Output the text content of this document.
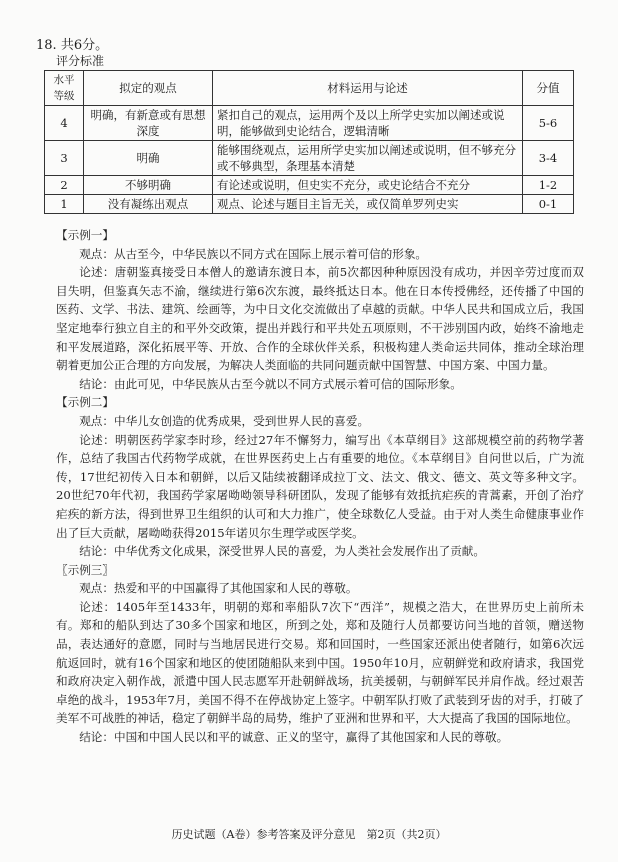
18. 共6分。
评分标准
水平等级	拟定的观点	材料运用与论述	分值
4	明确，有新意或有思想深度	紧扣自己的观点，运用两个及以上所学史实加以阐述或说明，能够做到史论结合，逻辑清晰	5-6
3	明确	能够围绕观点，运用所学史实加以阐述或说明，但不够充分或不够典型，条理基本清楚	3-4
2	不够明确	有论述或说明，但史实不充分，或史论结合不充分	1-2
1	没有凝练出观点	观点、论述与题目主旨无关，或仅简单罗列史实	0-1

【示例一】

观点：从古至今，中华民族以不同方式在国际上展示着可信的形象。

论述：唐朝鉴真接受日本僧人的邀请东渡日本，前5次都因种种原因没有成功，并因辛劳过度而双目失明，但鉴真矢志不渝，继续进行第6次东渡，最终抵达日本。他在日本传授佛经，还传播了中国的医药、文学、书法、建筑、绘画等，为中日文化交流做出了卓越的贡献。中华人民共和国成立后，我国坚定地奉行独立自主的和平外交政策，提出并践行和平共处五项原则，不干涉别国内政，始终不渝地走和平发展道路，深化拓展平等、开放、合作的全球伙伴关系，积极构建人类命运共同体，推动全球治理朝着更加公正合理的方向发展，为解决人类面临的共同问题贡献中国智慧、中国方案、中国力量。

结论：由此可见，中华民族从古至今就以不同方式展示着可信的国际形象。

【示例二】

观点：中华儿女创造的优秀成果，受到世界人民的喜爱。

论述：明朝医药学家李时珍，经过27年不懈努力，编写出《本草纲目》这部规模空前的药物学著作，总结了我国古代药物学成就，在世界医药史上占有重要的地位。《本草纲目》自问世以后，广为流传，17世纪初传入日本和朝鲜，以后又陆续被翻译成拉丁文、法文、俄文、德文、英文等多种文字。20世纪70年代初，我国药学家屠呦呦领导科研团队，发现了能够有效抵抗疟疾的青蒿素，开创了治疗疟疾的新方法，得到世界卫生组织的认可和大力推广，使全球数亿人受益。由于对人类生命健康事业作出了巨大贡献，屠呦呦获得2015年诺贝尔生理学或医学奖。

结论：中华优秀文化成果，深受世界人民的喜爱，为人类社会发展作出了贡献。

〖示例三〗

观点：热爱和平的中国赢得了其他国家和人民的尊敬。

论述：1405年至1433年，明朝的郑和率船队7次下“西洋”，规模之浩大，在世界历史上前所未有。郑和的船队到达了30多个国家和地区，所到之处，郑和及随行人员都要访问当地的首领，赠送物品，表达通好的意愿，同时与当地居民进行交易。郑和回国时，一些国家还派出使者随行，如第6次远航返回时，就有16个国家和地区的使团随船队来到中国。1950年10月，应朝鲜党和政府请求，我国党和政府决定入朝作战，派遣中国人民志愿军开赴朝鲜战场，抗美援朝，与朝鲜军民并肩作战。经过艰苦卓绝的战斗，1953年7月，美国不得不在停战协定上签字。中朝军队打败了武装到牙齿的对手，打破了美军不可战胜的神话，稳定了朝鲜半岛的局势，维护了亚洲和世界和平，大大提高了我国的国际地位。

结论：中国和中国人民以和平的诚意、正义的坚守，赢得了其他国家和人民的尊敬。

历史试题（A卷）参考答案及评分意见　第2页（共2页）
